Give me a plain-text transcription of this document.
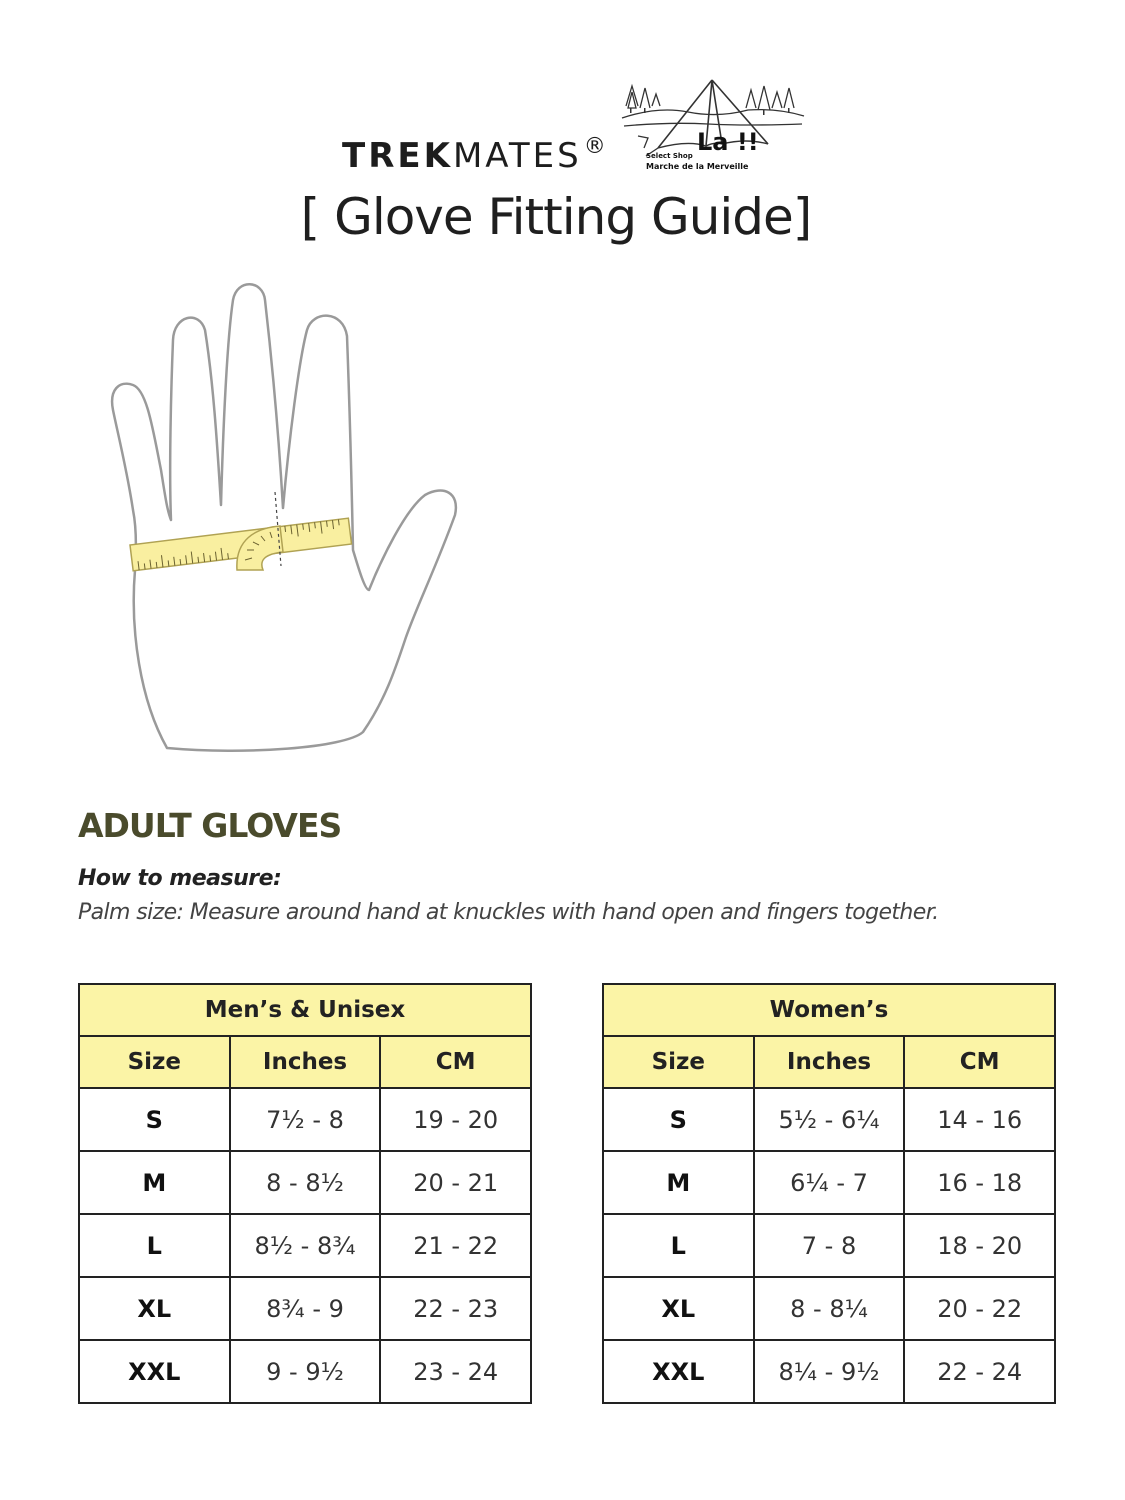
TREKMATES®	La !!
Select Shop
Marche de la Merveille
[ Glove Fitting Guide]
ADULT GLOVES
How to measure:
Palm size: Measure around hand at knuckles with hand open and fingers together.
Men’s & Unisex		
Size	Inches	CM
S	7½ - 8	19 - 20
M	8 - 8½	20 - 21
L	8½ - 8¾	21 - 22
XL	8¾ - 9	22 - 23
XXL	9 - 9½	23 - 24
Women’s		
Size	Inches	CM
S	5½ - 6¼	14 - 16
M	6¼ - 7	16 - 18
L	7 - 8	18 - 20
XL	8 - 8¼	20 - 22
XXL	8¼ - 9½	22 - 24
